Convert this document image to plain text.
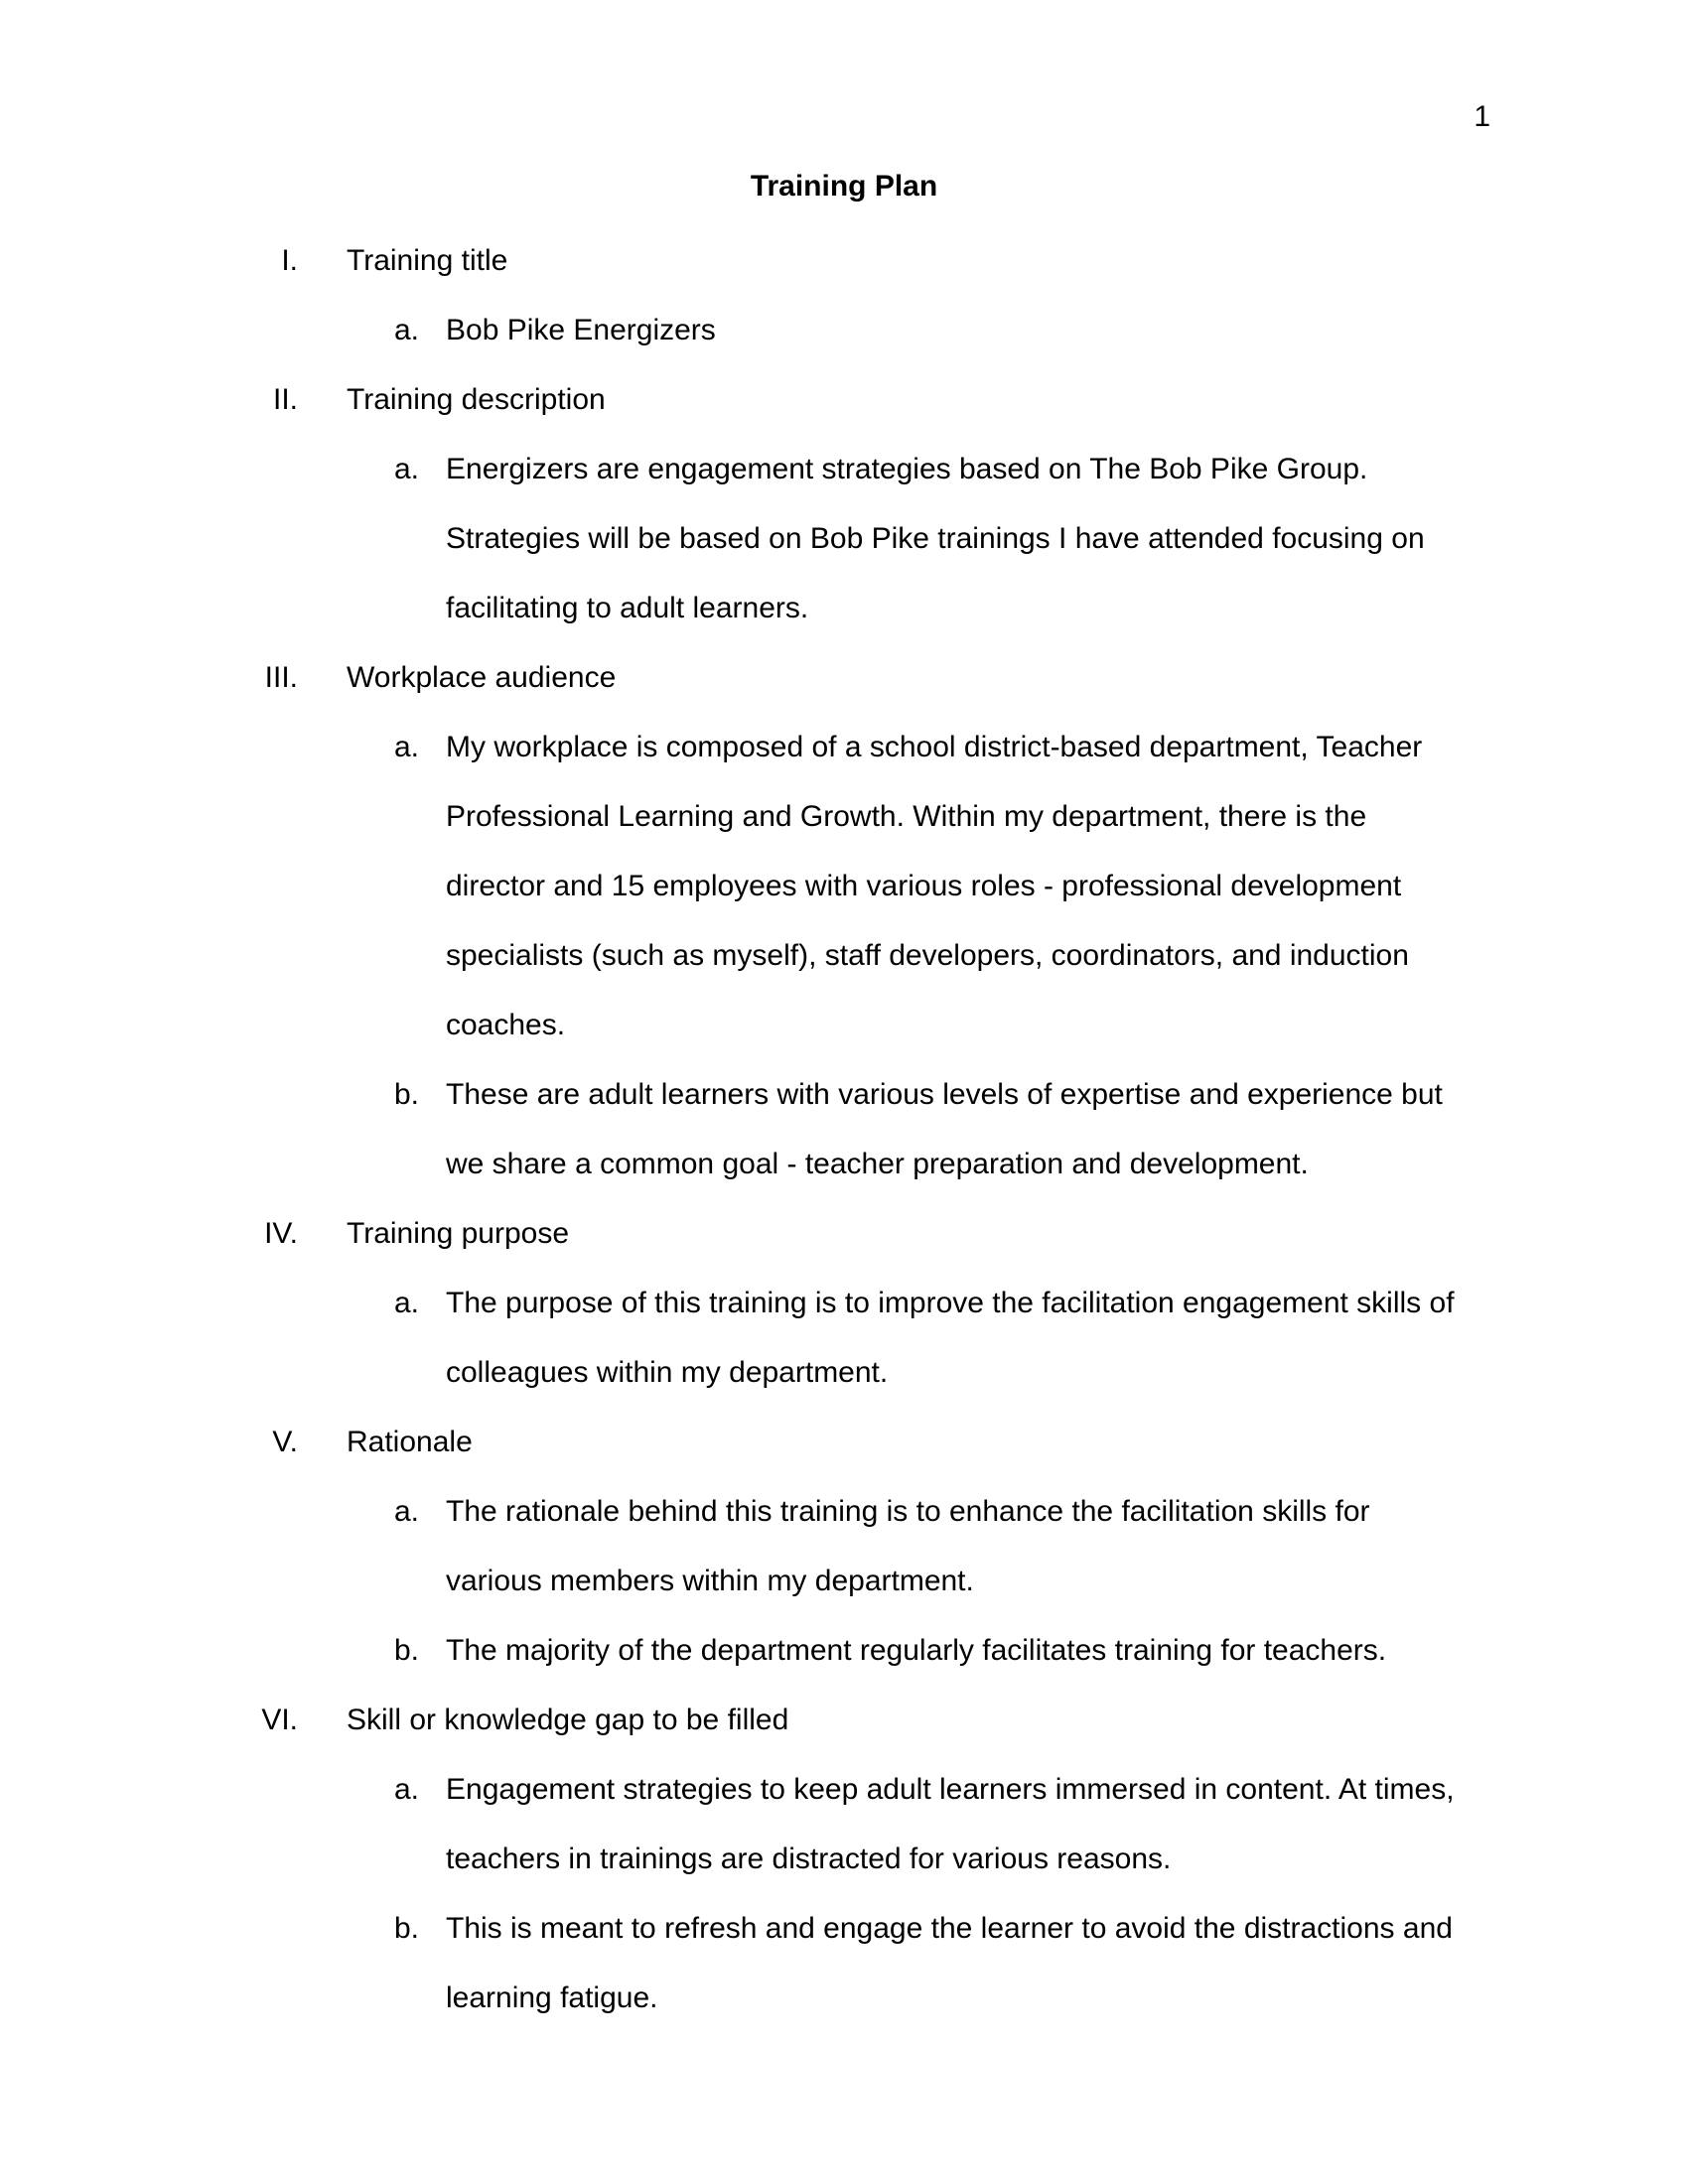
1
Training Plan
I. Training title
a. Bob Pike Energizers
II. Training description
a. Energizers are engagement strategies based on The Bob Pike Group.
Strategies will be based on Bob Pike trainings I have attended focusing on
facilitating to adult learners.
III. Workplace audience
a. My workplace is composed of a school district-based department, Teacher
Professional Learning and Growth. Within my department, there is the
director and 15 employees with various roles - professional development
specialists (such as myself), staff developers, coordinators, and induction
coaches.
b. These are adult learners with various levels of expertise and experience but
we share a common goal - teacher preparation and development.
IV. Training purpose
a. The purpose of this training is to improve the facilitation engagement skills of
colleagues within my department.
V. Rationale
a. The rationale behind this training is to enhance the facilitation skills for
various members within my department.
b. The majority of the department regularly facilitates training for teachers.
VI. Skill or knowledge gap to be filled
a. Engagement strategies to keep adult learners immersed in content. At times,
teachers in trainings are distracted for various reasons.
b. This is meant to refresh and engage the learner to avoid the distractions and
learning fatigue.
